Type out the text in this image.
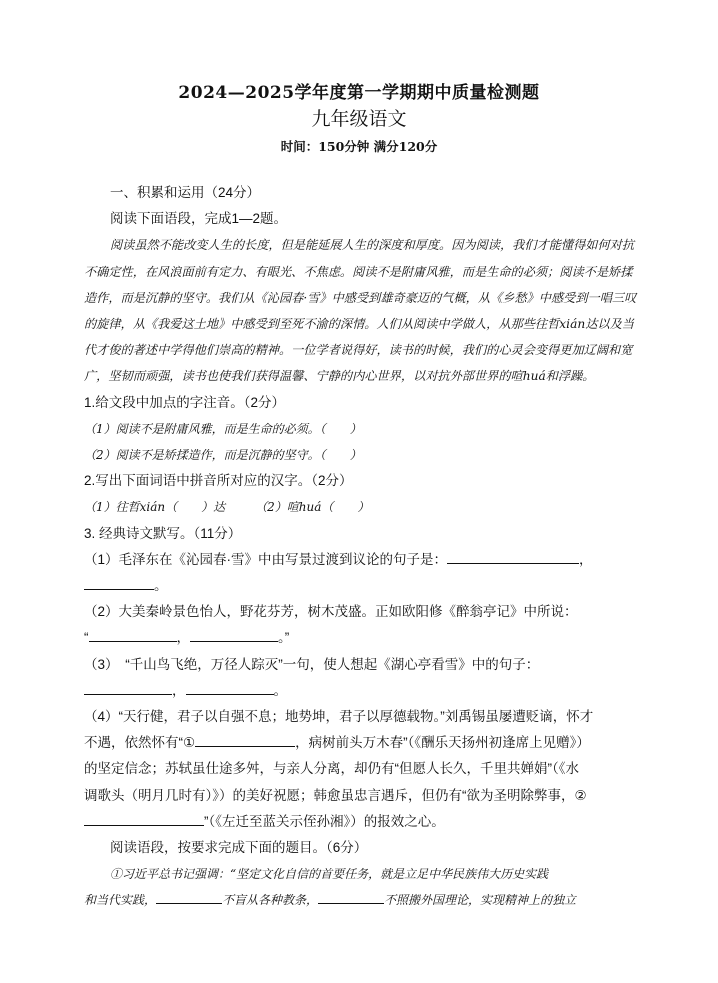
2024—2025学年度第一学期期中质量检测题
九年级语文
时间：150分钟 满分120分

一、积累和运用（24分）

阅读下面语段，完成1—2题。

阅读虽然不能改变人生的长度，但是能延展人生的深度和厚度。因为阅读，我们才能懂得如何对抗不确定性，在风浪面前有定力、有眼光、不焦虑。阅读不是附庸风雅，而是生命的必须；阅读不是矫揉造作，而是沉静的坚守。我们从《沁园春·雪》中感受到雄奇豪迈的气概，从《乡愁》中感受到一唱三叹的旋律，从《我爱这土地》中感受到至死不渝的深情。人们从阅读中学做人，从那些往哲xián达以及当代才俊的著述中学得他们崇高的精神。一位学者说得好，读书的时候，我们的心灵会变得更加辽阔和宽广，坚韧而顽强，读书也使我们获得温馨、宁静的内心世界，以对抗外部世界的喧huá和浮躁。

1.给文段中加点的字注音。（2分）

（1）阅读不是附庸风雅，而是生命的必须。（　　）

（2）阅读不是矫揉造作，而是沉静的坚守。（　　）

2.写出下面词语中拼音所对应的汉字。（2分）

（1）往哲xián（　　）达　　　（2）喧huá（　　）

3. 经典诗文默写。（11分）

（1）毛泽东在《沁园春·雪》中由写景过渡到议论的句子是：	，

。

（2）大美秦岭景色怡人，野花芬芳，树木茂盛。正如欧阳修《醉翁亭记》中所说：

“	，	。”

（3）　“千山鸟飞绝，万径人踪灭”一句，使人想起《湖心亭看雪》中的句子：

，	。

（4）“天行健，君子以自强不息；地势坤，君子以厚德载物。”刘禹锡虽屡遭贬谪，怀才

不遇，依然怀有“①	，病树前头万木春”（《酬乐天扬州初逢席上见赠》）

的坚定信念；苏轼虽仕途多舛，与亲人分离，却仍有“但愿人长久，千里共婵娟”（《水

调歌头（明月几时有）》）的美好祝愿；韩愈虽忠言遇斥，但仍有“欲为圣明除弊事，②

”（《左迁至蓝关示侄孙湘》）的报效之心。

阅读语段，按要求完成下面的题目。（6分）

①习近平总书记强调：“坚定文化自信的首要任务，就是立足中华民族伟大历史实践

和当代实践，	不盲从各种教条，	不照搬外国理论，实现精神上的独立
